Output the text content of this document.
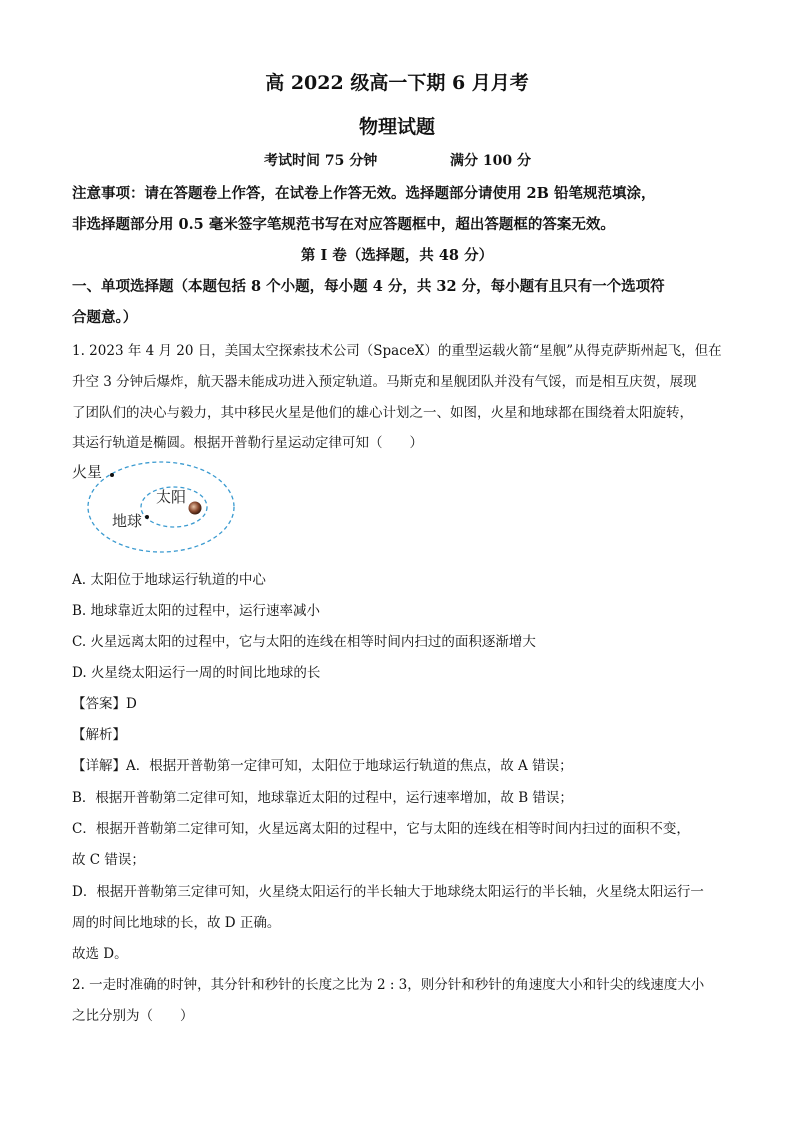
高 2022 级高一下期 6 月月考
物理试题
考试时间 75 分钟	满分 100 分
注意事项：请在答题卷上作答，在试卷上作答无效。选择题部分请使用 2B 铅笔规范填涂，
非选择题部分用 0.5 毫米签字笔规范书写在对应答题框中，超出答题框的答案无效。
第 I 卷（选择题，共 48 分）
一、单项选择题（本题包括 8 个小题，每小题 4 分，共 32 分，每小题有且只有一个选项符
合题意。）
1. 2023 年 4 月 20 日，美国太空探索技术公司（SpaceX）的重型运载火箭“星舰”从得克萨斯州起飞，但在
升空 3 分钟后爆炸，航天器未能成功进入预定轨道。马斯克和星舰团队并没有气馁，而是相互庆贺，展现
了团队们的决心与毅力，其中移民火星是他们的雄心计划之一、如图，火星和地球都在围绕着太阳旋转，
其运行轨道是椭圆。根据开普勒行星运动定律可知（　　）
火星
太阳
地球
A. 太阳位于地球运行轨道的中心
B. 地球靠近太阳的过程中，运行速率减小
C. 火星远离太阳的过程中，它与太阳的连线在相等时间内扫过的面积逐渐增大
D. 火星绕太阳运行一周的时间比地球的长
【答案】D
【解析】
【详解】A．根据开普勒第一定律可知，太阳位于地球运行轨道的焦点，故 A 错误；
B．根据开普勒第二定律可知，地球靠近太阳的过程中，运行速率增加，故 B 错误；
C．根据开普勒第二定律可知，火星远离太阳的过程中，它与太阳的连线在相等时间内扫过的面积不变，
故 C 错误；
D．根据开普勒第三定律可知，火星绕太阳运行的半长轴大于地球绕太阳运行的半长轴，火星绕太阳运行一
周的时间比地球的长，故 D 正确。
故选 D。
2. 一走时准确的时钟，其分针和秒针的长度之比为 2 : 3，则分针和秒针的角速度大小和针尖的线速度大小
之比分别为（　　）
